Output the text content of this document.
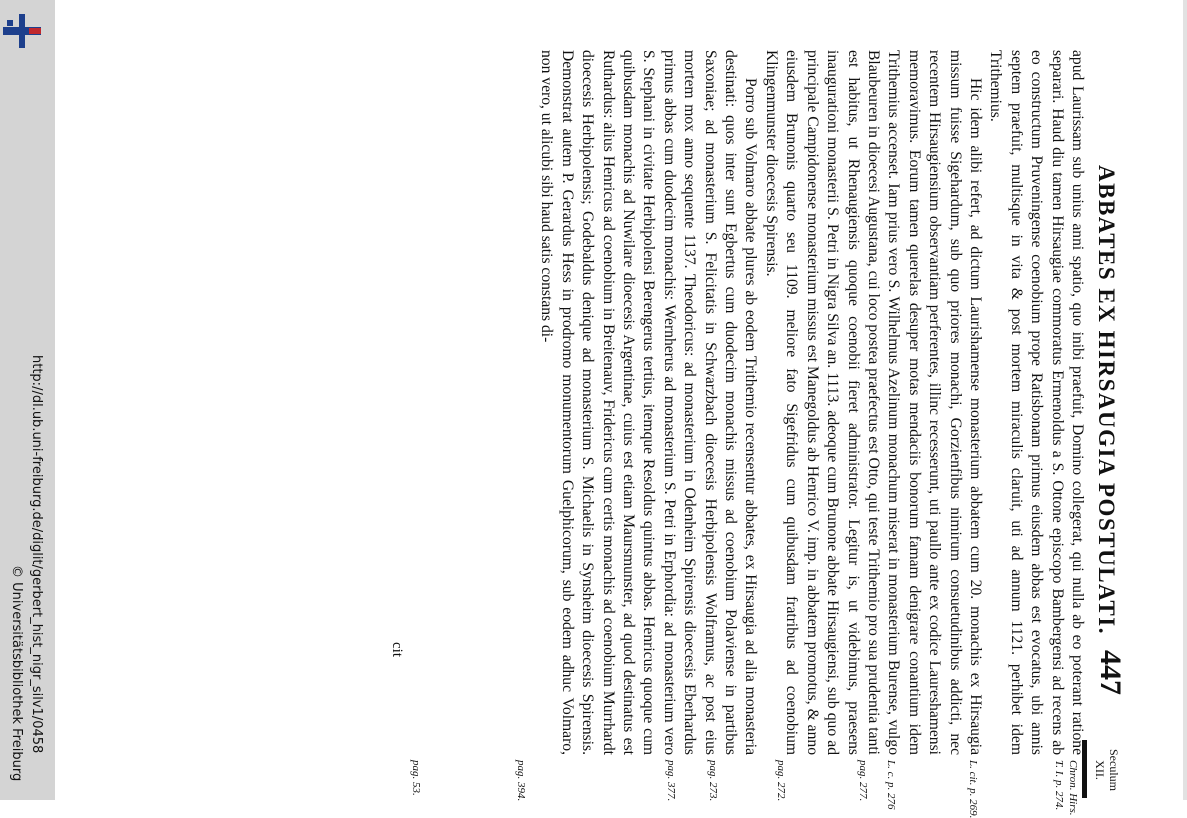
http://dl.ub.uni-freiburg.de/diglit/gerbert_hist_nigr_silv1/0458
© Universitätsbibliothek Freiburg
ABBATES EX HIRSAUGIA POSTULATI.
447
Seculum
XII.

apud Laurissam sub unius anni spatio, quo inibi praefuit, Domino collegerat, qui nulla ab eo poterant ratione separari. Haud diu tamen Hirsaugiae commoratus Ermenoldus a S. Ottone episcopo Bambergensi ad recens ab eo constructum Pruveningense coenobium prope Ratisbonam primus eiusdem abbas est evocatus, ubi annis septem praefuit, multisque in vita & post mortem miraculis claruit, uti ad annum 1121. perhibet idem Trithemius.

Hic idem alibi refert, ad dictum Laurishamense monasterium abbatem cum 20. monachis ex Hirsaugia missum fuisse Sigehardum, sub quo priores monachi, Gorzienfibus nimirum consuetudinibus addicti, nec recentem Hirsaugiensium observantiam perferentes, illinc recesserunt, uti paullo ante ex codice Laureshamensi memoravimus. Eorum tamen querelas desuper motas mendaciis bonorum famam denigrare conantium idem Trithemius accenset. Iam prius vero S. Wilhelmus Azelinum monachum miserat in monasterium Burense, vulgo Blaubeuren in dioecesi Augustana, cui loco postea praefectus est Otto, qui teste Trithemio pro sua prudentia tanti est habitus, ut Rhenaugiensis quoque coenobii fieret administrator. Legitur is, ut videbimus, praesens inaugurationi monasterii S. Petri in Nigra Silva an. 1113. adeoque cum Brunone abbate Hirsaugiensi, sub quo ad principale Campidonense monasterium missus est Manegoldus ab Henrico V. imp. in abbatem promotus, & anno eiusdem Brunonis quarto seu 1109. meliore fato Sigefridus cum quibusdam fratribus ad coenobium Klingenmunster dioecesis Spirensis.

Porro sub Volmaro abbate plures ab eodem Trithemio recensentur abbates, ex Hirsaugia ad alia monasteria destinati: quos inter sunt Egbertus cum duodecim monachis missus ad coenobium Polaviense in partibus Saxoniae; ad monasterium S. Felicitatis in Schwarzbach dioecesis Herbipolensis Wolframus, ac post eius mortem mox anno sequente 1137. Theodoricus: ad monasterium in Odenheim Spirensis dioecesis Eberhardus primus abbas cum duodecim monachis: Wernherus ad monasterium S. Petri in Erphordia: ad monasterium vero S. Stephani in civitate Herbipolensi Berengerus tertius, itemque Resoldus quintus abbas. Henricus quoque cum quibusdam monachis ad Nuwilare dioecesis Argentinae, cuius est etiam Maursmunster, ad quod destinatus est Ruthardus: alius Henricus ad coenobium in Breitenauv, Fridericus cum certis monachis ad coenobium Murrhardt dioecesis Herbipolensis; Godebaldus denique ad monasterium S. Michaelis in Synsheim dioecesis Spirensis. Demonstrat autem P. Gerardus Hess in prodromo monumentorum Guelphicorum, sub eodem adhuc Volmaro, non vero, ut alicubi sibi haud satis constans di-

cit
Chron. Hirs.
T. I. p. 274.
L. cit. p. 269.
L. c. p. 276
pag. 277.
pag. 272.
pag. 273.
pag. 377.
pag. 394.
pag. 53.
